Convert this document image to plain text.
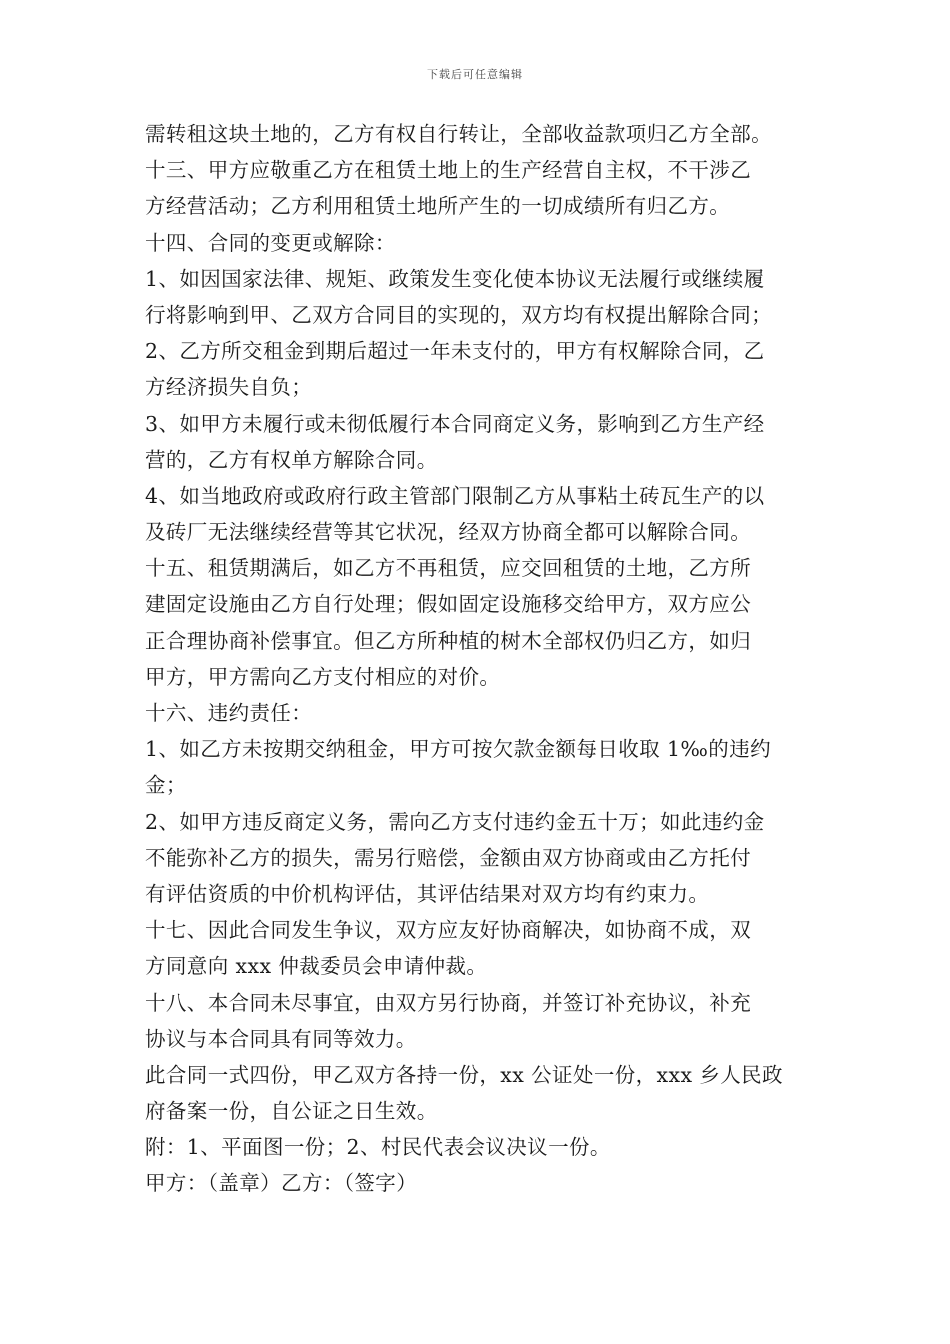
下载后可任意编辑
需转租这块土地的，乙方有权自行转让，全部收益款项归乙方全部。
十三、甲方应敬重乙方在租赁土地上的生产经营自主权，不干涉乙
方经营活动；乙方利用租赁土地所产生的一切成绩所有归乙方。
十四、合同的变更或解除：
1、如因国家法律、规矩、政策发生变化使本协议无法履行或继续履
行将影响到甲、乙双方合同目的实现的，双方均有权提出解除合同；
2、乙方所交租金到期后超过一年未支付的，甲方有权解除合同，乙
方经济损失自负；
3、如甲方未履行或未彻低履行本合同商定义务，影响到乙方生产经
营的，乙方有权单方解除合同。
4、如当地政府或政府行政主管部门限制乙方从事粘土砖瓦生产的以
及砖厂无法继续经营等其它状况，经双方协商全都可以解除合同。
十五、租赁期满后，如乙方不再租赁，应交回租赁的土地，乙方所
建固定设施由乙方自行处理；假如固定设施移交给甲方，双方应公
正合理协商补偿事宜。但乙方所种植的树木全部权仍归乙方，如归
甲方，甲方需向乙方支付相应的对价。
十六、违约责任：
1、如乙方未按期交纳租金，甲方可按欠款金额每日收取 1‰的违约
金；
2、如甲方违反商定义务，需向乙方支付违约金五十万；如此违约金
不能弥补乙方的损失，需另行赔偿，金额由双方协商或由乙方托付
有评估资质的中价机构评估，其评估结果对双方均有约束力。
十七、因此合同发生争议，双方应友好协商解决，如协商不成，双
方同意向 xxx 仲裁委员会申请仲裁。
十八、本合同未尽事宜，由双方另行协商，并签订补充协议，补充
协议与本合同具有同等效力。
此合同一式四份，甲乙双方各持一份，xx 公证处一份，xxx 乡人民政
府备案一份，自公证之日生效。
附：1、平面图一份；2、村民代表会议决议一份。
甲方：（盖章）乙方：（签字）
